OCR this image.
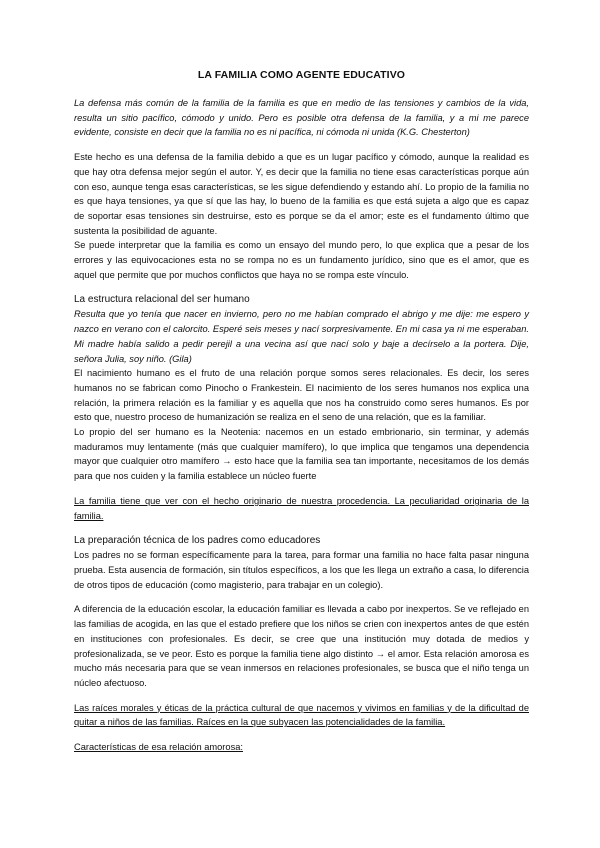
LA FAMILIA COMO AGENTE EDUCATIVO

La defensa más común de la familia de la familia es que en medio de las tensiones y cambios de la vida, resulta un sitio pacífico, cómodo y unido. Pero es posible otra defensa de la familia, y a mi me parece evidente, consiste en decir que la familia no es ni pacífica, ni cómoda ni unida (K.G. Chesterton)

Este hecho es una defensa de la familia debido a que es un lugar pacífico y cómodo, aunque la realidad es que hay otra defensa mejor según el autor. Y, es decir que la familia no tiene esas características porque aún con eso, aunque tenga esas características, se les sigue defendiendo y estando ahí. Lo propio de la familia no es que haya tensiones, ya que sí que las hay, lo bueno de la familia es que está sujeta a algo que es capaz de soportar esas tensiones sin destruirse, esto es porque se da el amor; este es el fundamento último que sustenta la posibilidad de aguante.

Se puede interpretar que la familia es como un ensayo del mundo pero, lo que explica que a pesar de los errores y las equivocaciones esta no se rompa no es un fundamento jurídico, sino que es el amor, que es aquel que permite que por muchos conflictos que haya no se rompa este vínculo.

La estructura relacional del ser humano

Resulta que yo tenía que nacer en invierno, pero no me habían comprado el abrigo y me dije: me espero y nazco en verano con el calorcito. Esperé seis meses y nací sorpresivamente. En mi casa ya ni me esperaban. Mi madre había salido a pedir perejil a una vecina así que nací solo y baje a decírselo a la portera. Dije, señora Julia, soy niño. (Gila)

El nacimiento humano es el fruto de una relación porque somos seres relacionales. Es decir, los seres humanos no se fabrican como Pinocho o Frankestein. El nacimiento de los seres humanos nos explica una relación, la primera relación es la familiar y es aquella que nos ha construido como seres humanos. Es por esto que, nuestro proceso de humanización se realiza en el seno de una relación, que es la familiar.

Lo propio del ser humano es la Neotenia: nacemos en un estado embrionario, sin terminar, y además maduramos muy lentamente (más que cualquier mamífero), lo que implica que tengamos una dependencia mayor que cualquier otro mamífero → esto hace que la familia sea tan importante, necesitamos de los demás para que nos cuiden y la familia establece un núcleo fuerte

La familia tiene que ver con el hecho originario de nuestra procedencia. La peculiaridad originaria de la familia.

La preparación técnica de los padres como educadores

Los padres no se forman específicamente para la tarea, para formar una familia no hace falta pasar ninguna prueba. Esta ausencia de formación, sin títulos específicos, a los que les llega un extraño a casa, lo diferencia de otros tipos de educación (como magisterio, para trabajar en un colegio).

A diferencia de la educación escolar, la educación familiar es llevada a cabo por inexpertos. Se ve reflejado en las familias de acogida, en las que el estado prefiere que los niños se crien con inexpertos antes de que estén en instituciones con profesionales. Es decir, se cree que una institución muy dotada de medios y profesionalizada, se ve peor. Esto es porque la familia tiene algo distinto → el amor. Esta relación amorosa es mucho más necesaria para que se vean inmersos en relaciones profesionales, se busca que el niño tenga un núcleo afectuoso.

Las raíces morales y éticas de la práctica cultural de que nacemos y vivimos en familias y de la dificultad de quitar a niños de las familias. Raíces en la que subyacen las potencialidades de la familia.

Características de esa relación amorosa:
